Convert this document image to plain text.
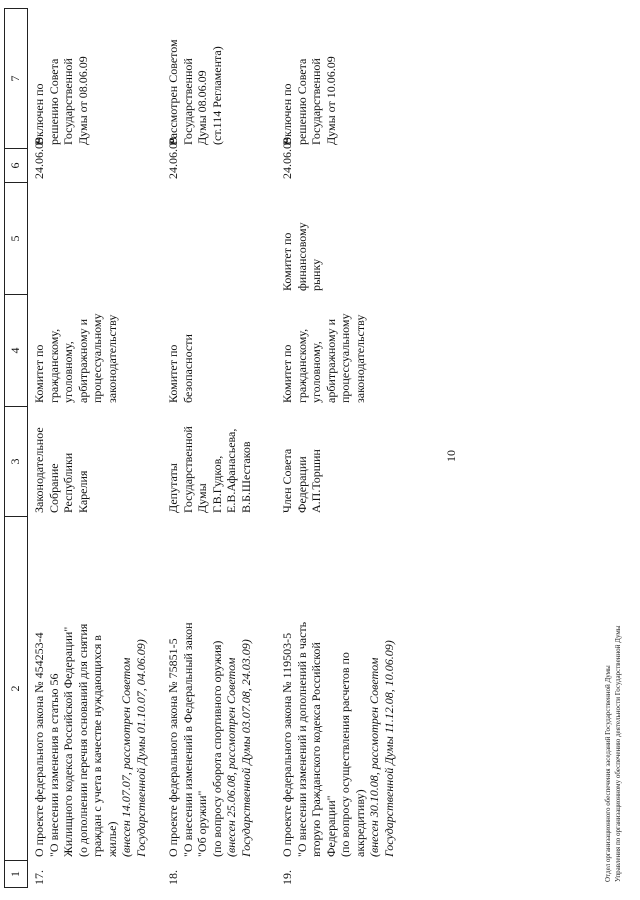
10
1
2
3
4
5
6
7
17.
О проекте федерального закона № 454253-4 "О внесении изменения в статью 56 Жилищного кодекса Российской Федерации" (о дополнении перечня оснований для снятия граждан с учета в качестве нуждающихся в жилье) (внесен 14.07.07, рассмотрен Советом Государственной Думы 01.10.07, 04.06.09)
Законодательное Собрание Республики Карелия
Комитет по гражданскому, уголовному, арбитражному и процессуальному законодательству
24.06.09
Включен по решению Совета Государственной Думы от 08.06.09
18.
О проекте федерального закона № 75851-5 "О внесении изменений в Федеральный закон "Об оружии" (по вопросу оборота спортивного оружия) (внесен 25.06.08, рассмотрен Советом Государственной Думы 03.07.08, 24.03.09)
Депутаты Государственной Думы Г.В.Гудков, Е.В.Афанасьева, В.Б.Шестаков
Комитет по безопасности
24.06.09
Рассмотрен Советом Государственной Думы 08.06.09 (ст.114 Регламента)
19.
О проекте федерального закона № 119503-5 "О внесении изменений и дополнений в часть вторую Гражданского кодекса Российской Федерации" (по вопросу осуществления расчетов по аккредитиву) (внесен 30.10.08, рассмотрен Советом Государственной Думы 11.12.08, 10.06.09)
Член Совета Федерации А.П.Торшин
Комитет по гражданскому, уголовному, арбитражному и процессуальному законодательству
Комитет по финансовому рынку
24.06.09
Включен по решению Совета Государственной Думы от 10.06.09
Отдел организационного обеспечения заседаний Государственной Думы Управления по организационному обеспечению деятельности Государственной Думы
